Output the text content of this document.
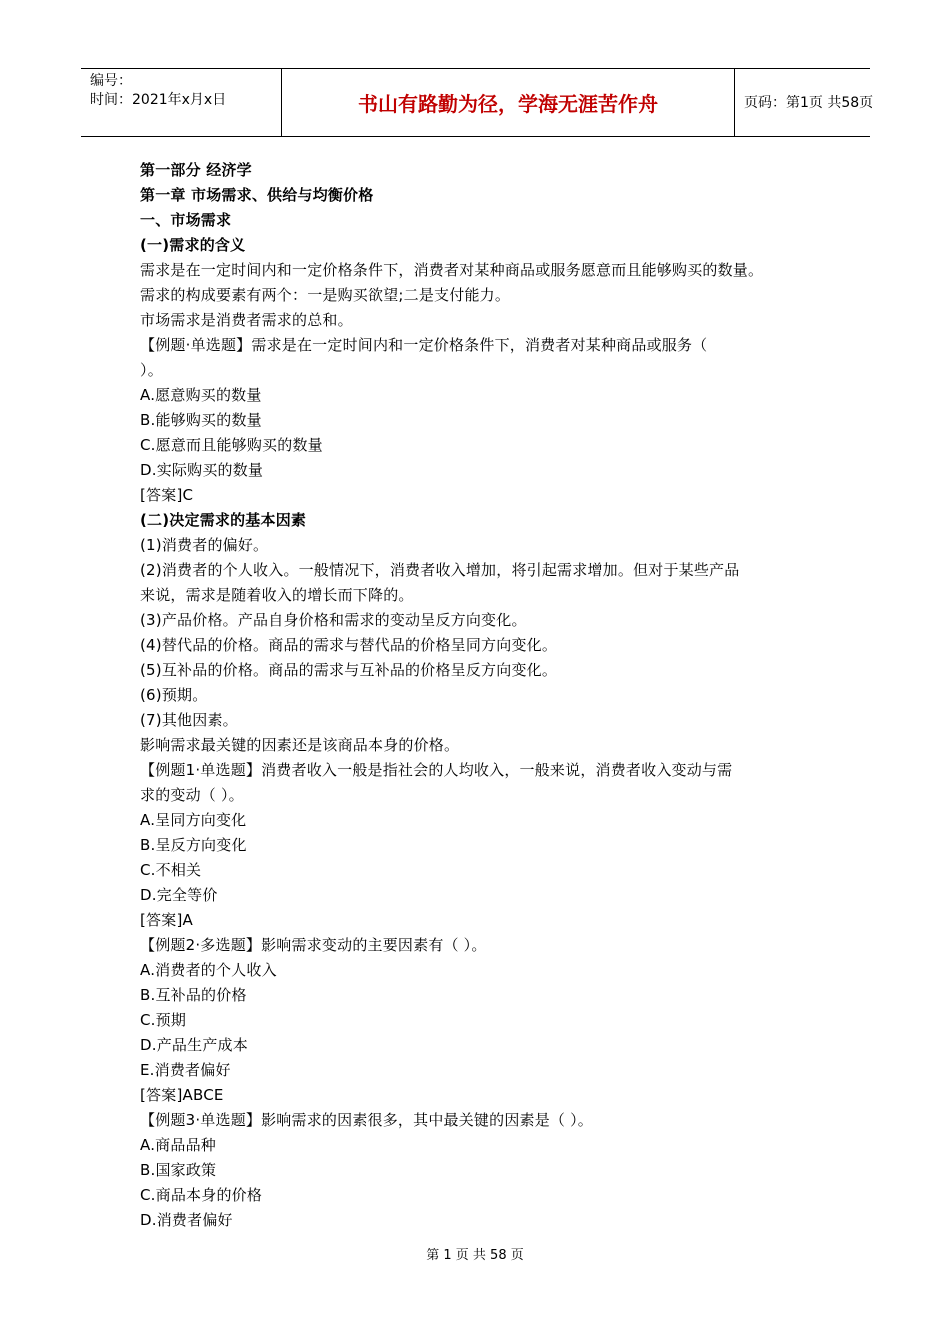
编号：
时间：2021年x月x日	书山有路勤为径，学海无涯苦作舟	页码：第1页 共58页
第一部分 经济学
第一章 市场需求、供给与均衡价格
一、市场需求
(一)需求的含义
需求是在一定时间内和一定价格条件下，消费者对某种商品或服务愿意而且能够购买的数量。
需求的构成要素有两个：一是购买欲望;二是支付能力。
市场需求是消费者需求的总和。
【例题·单选题】需求是在一定时间内和一定价格条件下，消费者对某种商品或服务（
）。
A.愿意购买的数量
B.能够购买的数量
C.愿意而且能够购买的数量
D.实际购买的数量
[答案]C
(二)决定需求的基本因素
(1)消费者的偏好。
(2)消费者的个人收入。一般情况下，消费者收入增加，将引起需求增加。但对于某些产品
来说，需求是随着收入的增长而下降的。
(3)产品价格。产品自身价格和需求的变动呈反方向变化。
(4)替代品的价格。商品的需求与替代品的价格呈同方向变化。
(5)互补品的价格。商品的需求与互补品的价格呈反方向变化。
(6)预期。
(7)其他因素。
影响需求最关键的因素还是该商品本身的价格。
【例题1·单选题】消费者收入一般是指社会的人均收入，一般来说，消费者收入变动与需
求的变动（ ）。
A.呈同方向变化
B.呈反方向变化
C.不相关
D.完全等价
[答案]A
【例题2·多选题】影响需求变动的主要因素有（ ）。
A.消费者的个人收入
B.互补品的价格
C.预期
D.产品生产成本
E.消费者偏好
[答案]ABCE
【例题3·单选题】影响需求的因素很多，其中最关键的因素是（ ）。
A.商品品种
B.国家政策
C.商品本身的价格
D.消费者偏好
第 1 页 共 58 页
